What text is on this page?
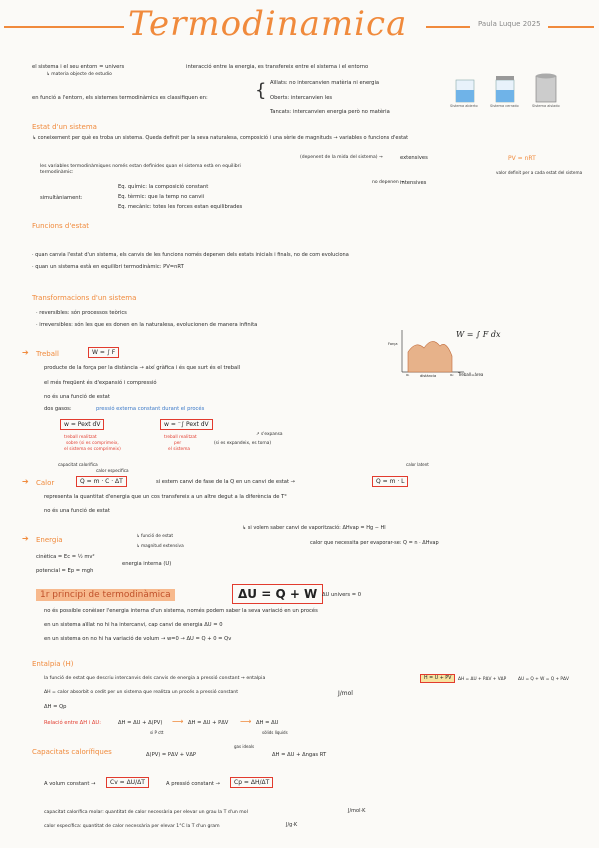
Termodinamica	Paula Luque 2025
el sistema i el seu entorn = univers	interacció entre la energia, es transfereix entre el sistema i el entorno
↳ materia objecte de estudio
en funció a l'entorn, els sistemes termodinàmics es classifiquen en:	{ Aïllats: no intercanvien matèria ni energia
Oberts: intercanvien les
Tancats: intercanvien energia però no matèria
Sistema abierto	Sistema cerrado	Sistema aislado
Estat d'un sistema
↳ coneixement per què es troba un sistema. Queda definit per la seva naturalesa, composició i una sèrie de magnituds → variables o funcions d'estat
(depenent de la mida del sistema) →	extensives
no depenen →
intensives
PV = nRT
valor definit per a cada estat del sistema
les variables termodinàmiques només estan definides quan el sistema està en equilibri termodinàmic:
simultàniament:
Eq. químic: la composició constant
Eq. tèrmic: que la temp no canvii
Eq. mecànic: totes les forces estan equilibrades
Funcions d'estat
· quan canvia l'estat d'un sistema, els canvis de les funcions només depenen dels estats inicials i finals, no de com evoluciona
· quan un sistema està en equilibri termodinàmic: PV=nRT
Transformacions d'un sistema
· reversibles: són processos teòrics
· irreversibles: són les que es donen en la naturalesa, evolucionen de manera infinita
➔ Treball	W = ∫ F
producte de la força per la distància → així gràfica i és que surt és el treball
el més freqüent és d'expansió i compressió
no és una funció de estat
dos gasos:	pressió externa constant durant el procés
w = Pext dV	w = ⁻∫ Pext dV
treball realitzat
sobre (si es comprimeix,
el sistema es comprimeix)
treball realitzat
per
el sistema
(si es expandeix, es torna)
↗ s'expansa
Força
distància
x₁	x₂ Treball=àrea
W = ∫ F dx
➔ Calor	Q = m · C · ΔT
capacitat calorífica
calor específica
si estem canvi de fase de la Q en un canvi de estat →	Q = m · L
calor latent
representa la quantitat d'energia que un cos transfereix a un altre degut a la diferència de T°
no és una funció de estat
↳ si volem saber canvi de vaporització: ΔHvap = Hg − Hl
calor que necessita per evaporar-se: Q = n · ΔHvap
➔ Energia
cinètica = Ec = ½ mv²
potencial = Ep = mgh
energia interna (U)
↳ funció de estat
↳ magnitud extensiva
1r principi de termodinàmica	ΔU = Q + W ΔU univers = 0
no és possible conèixer l'energia interna d'un sistema, només podem saber la seva variació en un procés
en un sistema aïllat no hi ha intercanvi, cap canvi de energia ΔU = 0
en un sistema on no hi ha variació de volum → w=0 → ΔU = Q + 0 = Qv
Entalpia (H)
la funció de estat que descriu intercanvis dels canvis de energia a pressió constant → entalpia	H = U + PV	ΔH = ΔU + PΔV + VΔP	ΔU = Q + W = Q + PΔV
ΔH = calor absorbit o cedit per un sistema que realitza un procés a pressió constant	J/mol
ΔH = Qp
Relació entre ΔH i ΔU:	ΔH = ΔU + Δ(PV) ⟶ ΔH = ΔU + PΔV ⟶ ΔH = ΔU
si P ctt	sòlids líquids
Δ(PV) = PΔV + VΔP
gas ideals
ΔH = ΔU + Δngas RT
Capacitats calorífiques
A volum constant →	Cv = ΔU/ΔT	A pressió constant →	Cp = ΔH/ΔT
capacitat calorífica molar: quantitat de calor necessària per elevar un grau la T d'un mol	J/mol·K
calor específica: quantitat de calor necessària per elevar 1°C la T d'un gram	J/g·K
